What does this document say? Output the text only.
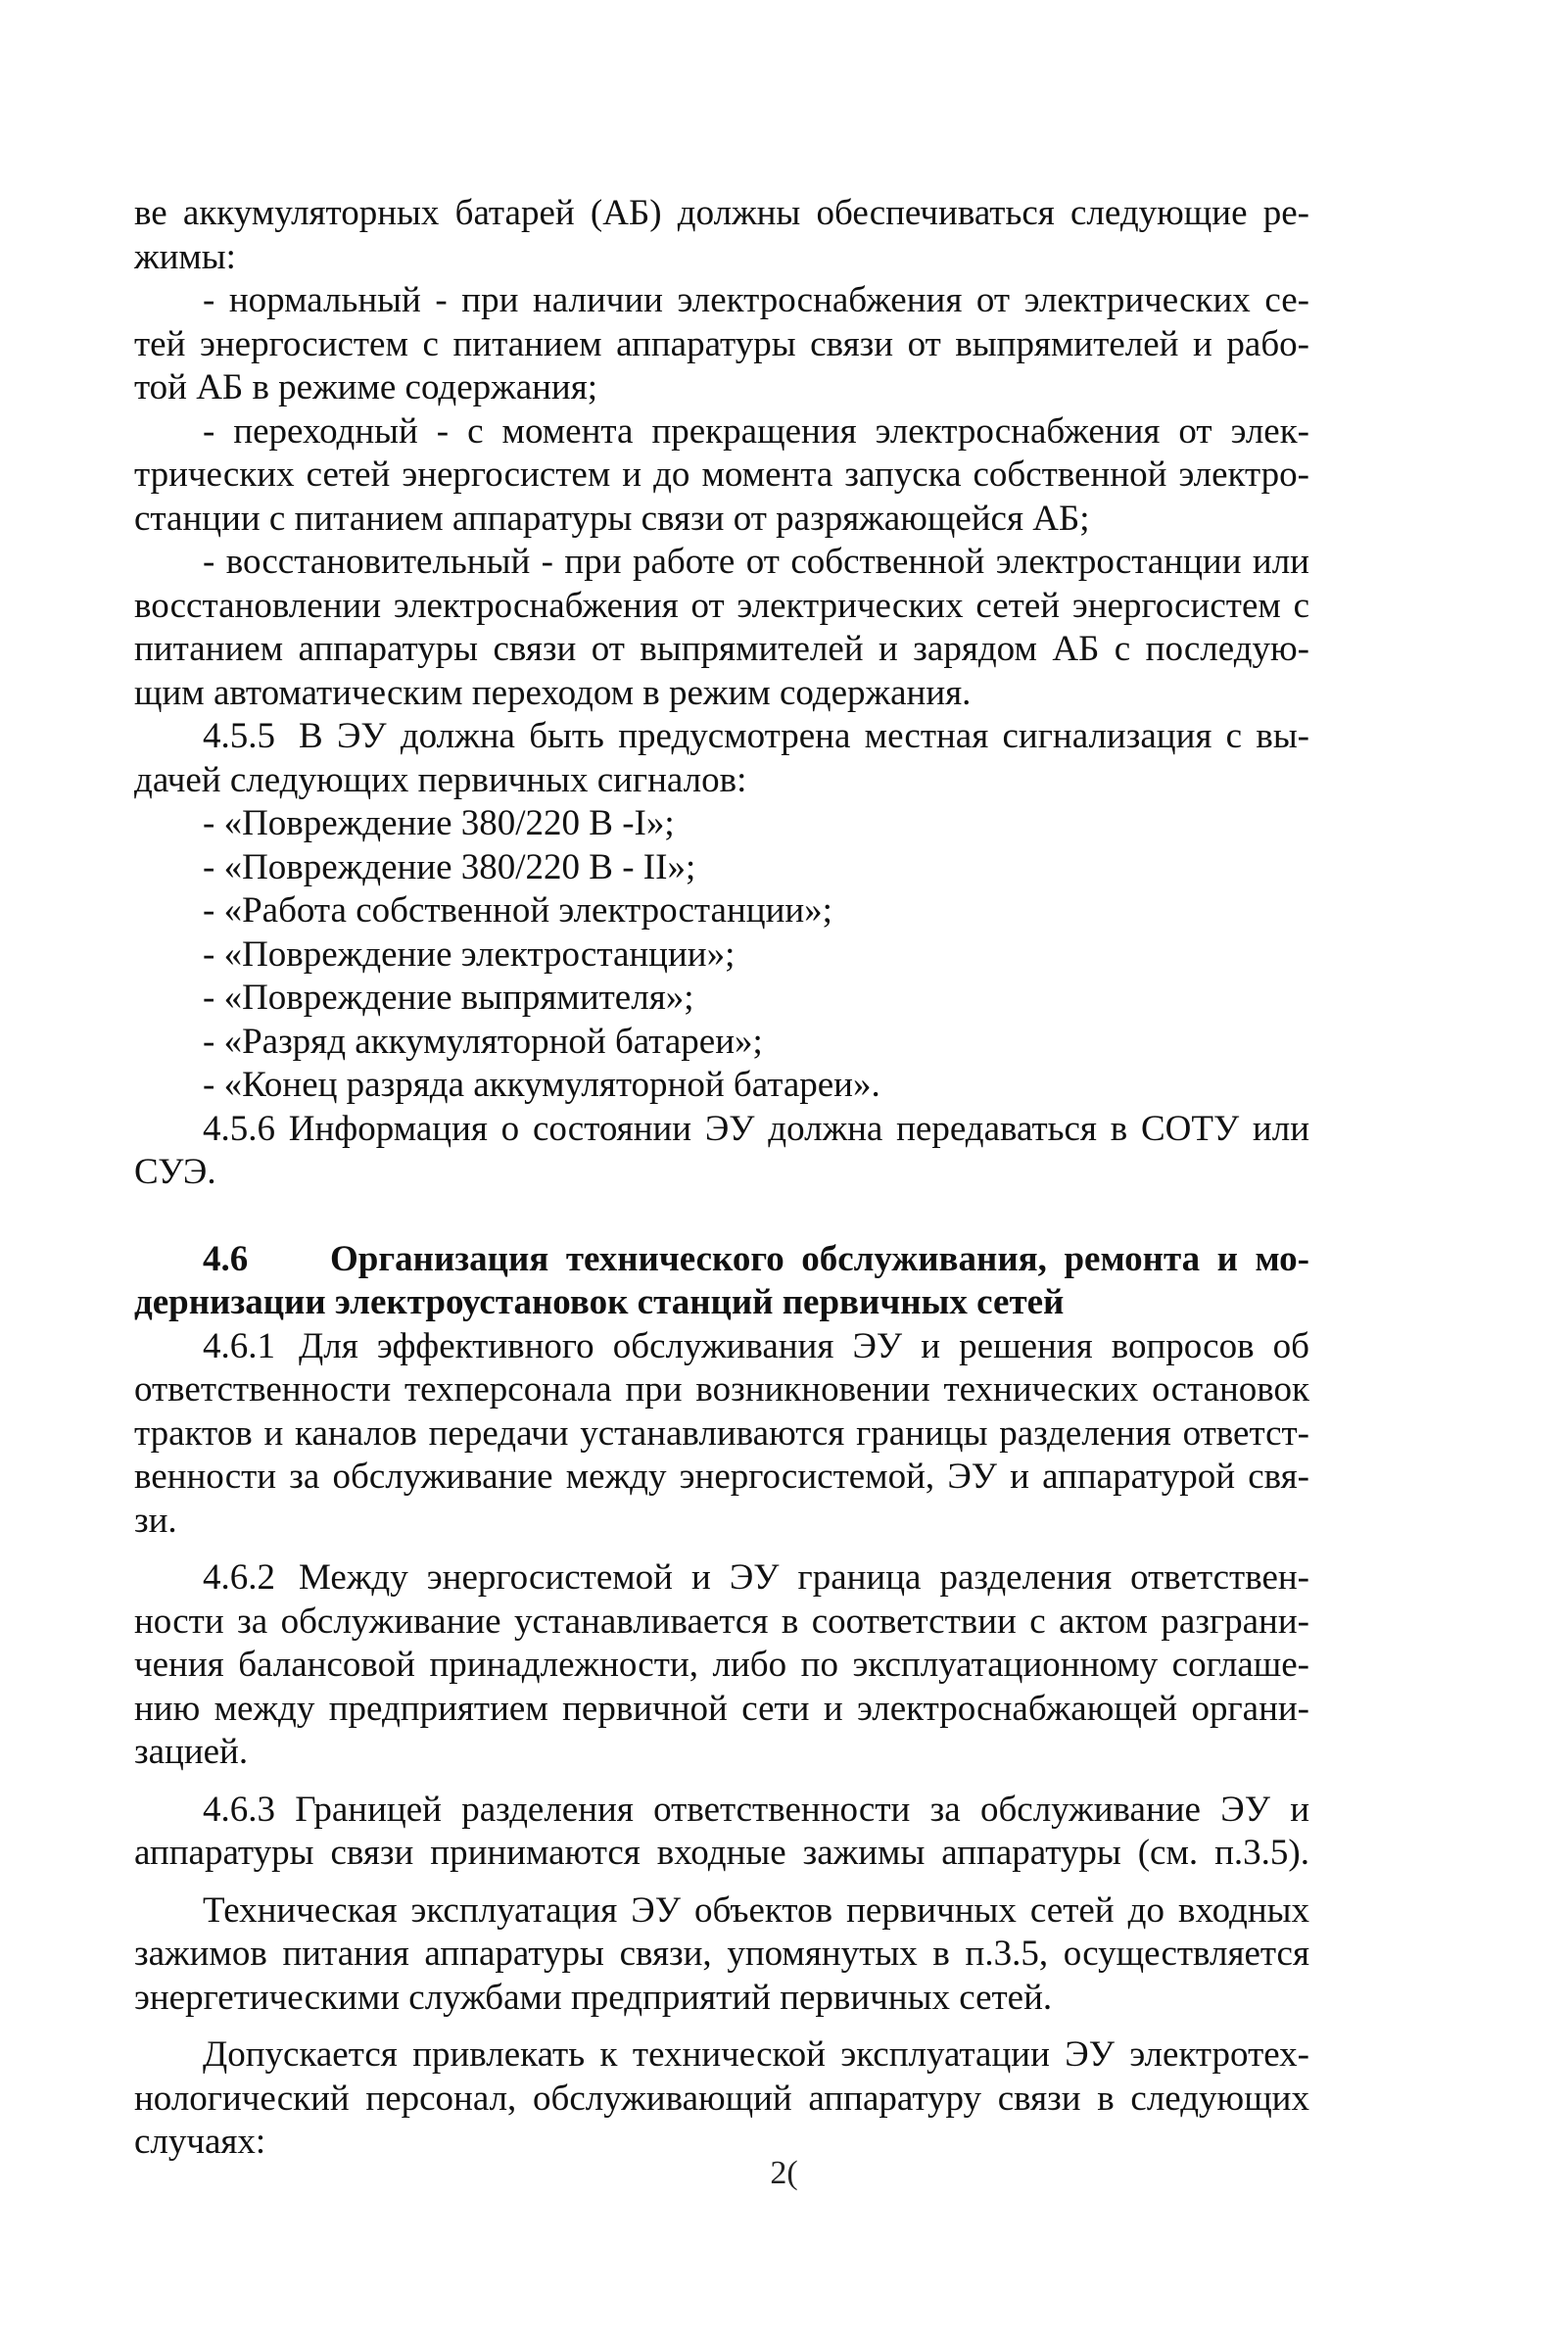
ве аккумуляторных батарей (АБ) должны обеспечиваться следующие ре-
жимы:
- нормальный - при наличии электроснабжения от электрических се-
тей энергосистем с питанием аппаратуры связи от выпрямителей и рабо-
той АБ в режиме содержания;
- переходный - с момента прекращения электроснабжения от элек-
трических сетей энергосистем и до момента запуска собственной электро-
станции с питанием аппаратуры связи от разряжающейся АБ;
- восстановительный - при работе от собственной электростанции или
восстановлении электроснабжения от электрических сетей энергосистем с
питанием аппаратуры связи от выпрямителей и зарядом АБ с последую-
щим автоматическим переходом в режим содержания.
4.5.5 В ЭУ должна быть предусмотрена местная сигнализация с вы-
дачей следующих первичных сигналов:
- «Повреждение 380/220 В -I»;
- «Повреждение 380/220 В - II»;
- «Работа собственной электростанции»;
- «Повреждение электростанции»;
- «Повреждение выпрямителя»;
- «Разряд аккумуляторной батареи»;
- «Конец разряда аккумуляторной батареи».
4.5.6 Информация о состоянии ЭУ должна передаваться в СОТУ или
СУЭ.
4.6	Организация технического обслуживания, ремонта и мо-
дернизации электроустановок станций первичных сетей
4.6.1 Для эффективного обслуживания ЭУ и решения вопросов об
ответственности техперсонала при возникновении технических остановок
трактов и каналов передачи устанавливаются границы разделения ответст-
венности за обслуживание между энергосистемой, ЭУ и аппаратурой свя-
зи.
4.6.2 Между энергосистемой и ЭУ граница разделения ответствен-
ности за обслуживание устанавливается в соответствии с актом разграни-
чения балансовой принадлежности, либо по эксплуатационному соглаше-
нию между предприятием первичной сети и электроснабжающей органи-
зацией.
4.6.3 Границей разделения ответственности за обслуживание ЭУ и
аппаратуры связи принимаются входные зажимы аппаратуры (см. п.3.5).
Техническая эксплуатация ЭУ объектов первичных сетей до входных
зажимов питания аппаратуры связи, упомянутых в п.3.5, осуществляется
энергетическими службами предприятий первичных сетей.
Допускается привлекать к технической эксплуатации ЭУ электротех-
нологический персонал, обслуживающий аппаратуру связи в следующих
случаях:
2(
